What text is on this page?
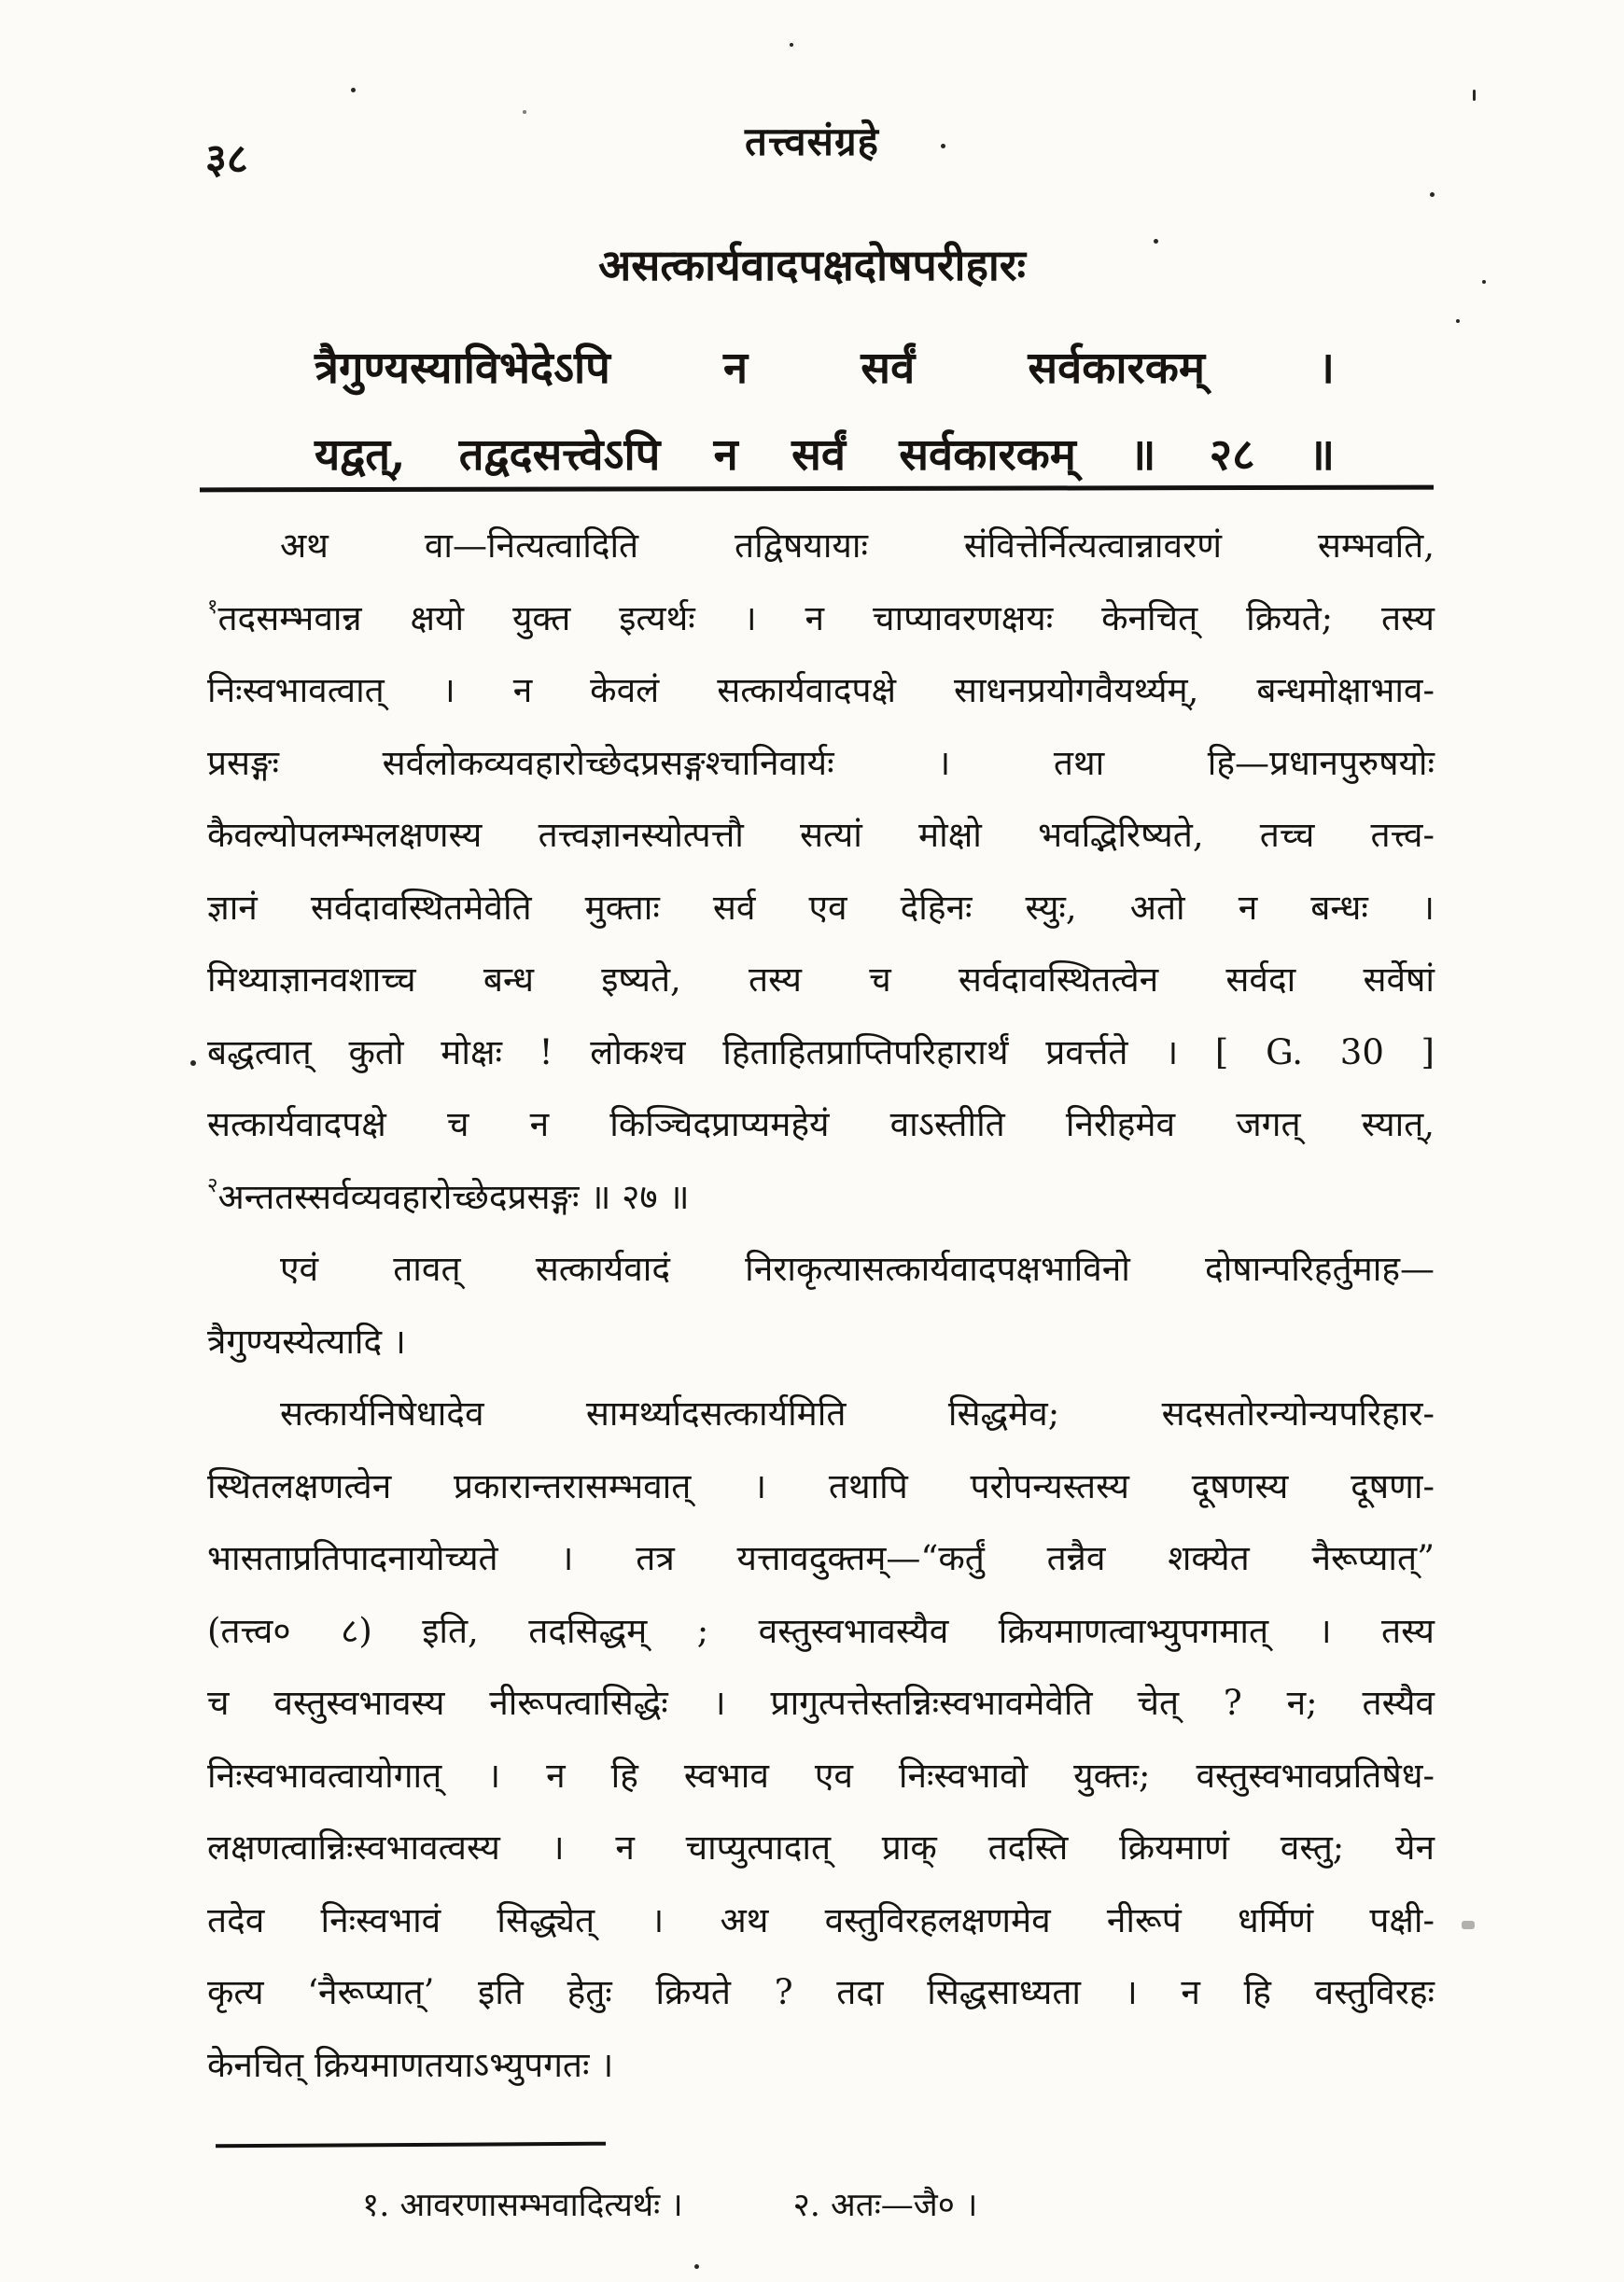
३८	तत्त्वसंग्रहे
असत्कार्यवादपक्षदोषपरीहारः
त्रैगुण्यस्याविभेदेऽपि न सर्वं सर्वकारकम् ।
यद्वत्, तद्वदसत्त्वेऽपि न सर्वं सर्वकारकम् ॥ २८ ॥

अथ वा—नित्यत्वादिति तद्विषयायाः संवित्तेर्नित्यत्वान्नावरणं सम्भवति,

$^१$तदसम्भवान्न क्षयो युक्त इत्यर्थः । न चाप्यावरणक्षयः केनचित् क्रियते; तस्य

निःस्वभावत्वात् । न केवलं सत्कार्यवादपक्षे साधनप्रयोगवैयर्थ्यम्, बन्धमोक्षाभाव-

प्रसङ्गः सर्वलोकव्यवहारोच्छेदप्रसङ्गश्चानिवार्यः । तथा हि—प्रधानपुरुषयोः

कैवल्योपलम्भलक्षणस्य तत्त्वज्ञानस्योत्पत्तौ सत्यां मोक्षो भवद्भिरिष्यते, तच्च तत्त्व-

ज्ञानं सर्वदावस्थितमेवेति मुक्ताः सर्व एव देहिनः स्युः, अतो न बन्धः ।

मिथ्याज्ञानवशाच्च बन्ध इष्यते, तस्य च सर्वदावस्थितत्वेन सर्वदा सर्वेषां

बद्धत्वात् कुतो मोक्षः ! लोकश्च हिताहितप्राप्तिपरिहारार्थं प्रवर्त्तते । [ G. 30 ]

सत्कार्यवादपक्षे च न किञ्चिदप्राप्यमहेयं वाऽस्तीति निरीहमेव जगत् स्यात्,

$^२$अन्ततस्सर्वव्यवहारोच्छेदप्रसङ्गः ॥ २७ ॥

एवं तावत् सत्कार्यवादं निराकृत्यासत्कार्यवादपक्षभाविनो दोषान्परिहर्तुमाह—

त्रैगुण्यस्येत्यादि ।

सत्कार्यनिषेधादेव सामर्थ्यादसत्कार्यमिति सिद्धमेव; सदसतोरन्योन्यपरिहार-

स्थितलक्षणत्वेन प्रकारान्तरासम्भवात् । तथापि परोपन्यस्तस्य दूषणस्य दूषणा-

भासताप्रतिपादनायोच्यते । तत्र यत्तावदुक्तम्—“कर्तुं तन्नैव शक्येत नैरूप्यात्”

(तत्त्व० ८) इति, तदसिद्धम् ; वस्तुस्वभावस्यैव क्रियमाणत्वाभ्युपगमात् । तस्य

च वस्तुस्वभावस्य नीरूपत्वासिद्धेः । प्रागुत्पत्तेस्तन्निःस्वभावमेवेति चेत् ? न; तस्यैव

निःस्वभावत्वायोगात् । न हि स्वभाव एव निःस्वभावो युक्तः; वस्तुस्वभावप्रतिषेध-

लक्षणत्वान्निःस्वभावत्वस्य । न चाप्युत्पादात् प्राक् तदस्ति क्रियमाणं वस्तु; येन

तदेव निःस्वभावं सिद्ध्येत् । अथ वस्तुविरहलक्षणमेव नीरूपं धर्मिणं पक्षी-

कृत्य ‘नैरूप्यात्’ इति हेतुः क्रियते ? तदा सिद्धसाध्यता । न हि वस्तुविरहः

केनचित् क्रियमाणतयाऽभ्युपगतः ।

१. आवरणासम्भवादित्यर्थः ।	२. अतः—जै० ।
